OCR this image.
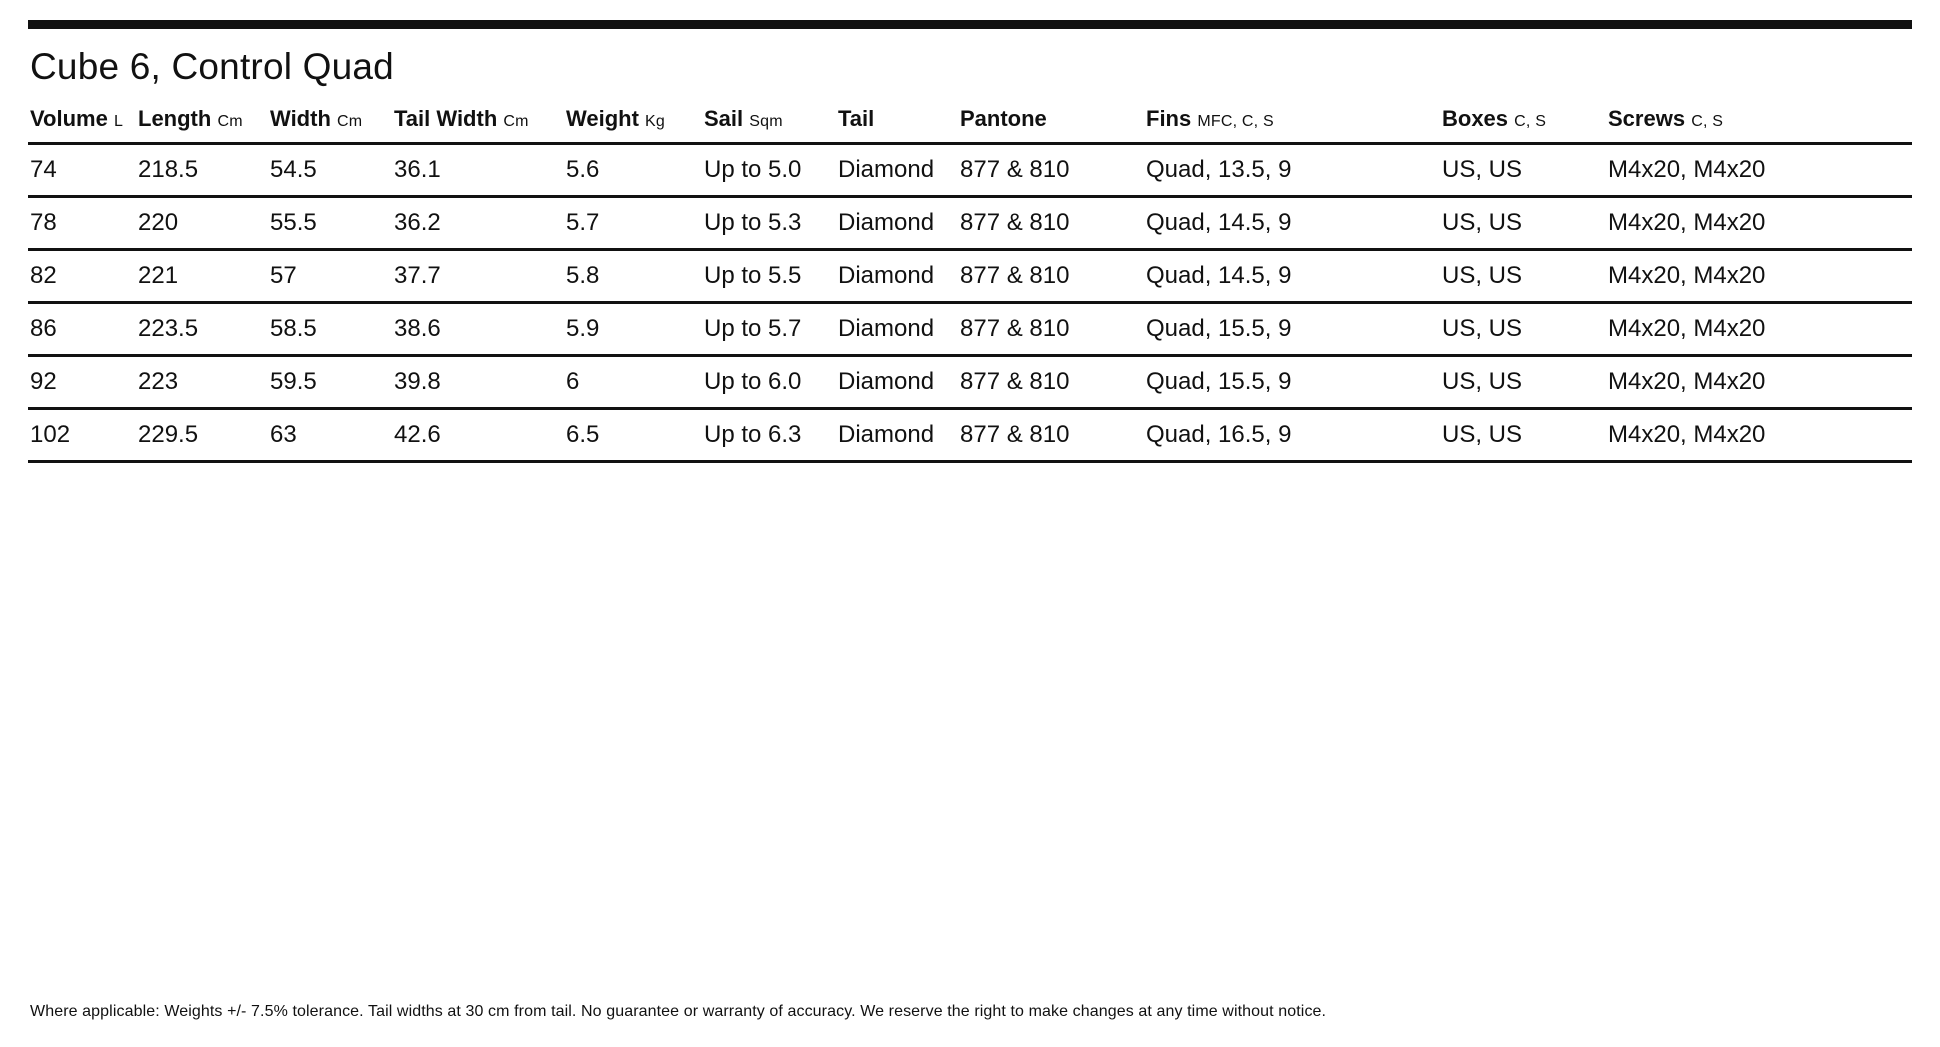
Cube 6, Control Quad
Volume L	Length Cm	Width Cm	Tail Width Cm	Weight Kg	Sail Sqm	Tail	Pantone	Fins MFC, C, S	Boxes C, S	Screws C, S
74	218.5	54.5	36.1	5.6	Up to 5.0	Diamond	877 & 810	Quad, 13.5, 9	US, US	M4x20, M4x20
78	220	55.5	36.2	5.7	Up to 5.3	Diamond	877 & 810	Quad, 14.5, 9	US, US	M4x20, M4x20
82	221	57	37.7	5.8	Up to 5.5	Diamond	877 & 810	Quad, 14.5, 9	US, US	M4x20, M4x20
86	223.5	58.5	38.6	5.9	Up to 5.7	Diamond	877 & 810	Quad, 15.5, 9	US, US	M4x20, M4x20
92	223	59.5	39.8	6	Up to 6.0	Diamond	877 & 810	Quad, 15.5, 9	US, US	M4x20, M4x20
102	229.5	63	42.6	6.5	Up to 6.3	Diamond	877 & 810	Quad, 16.5, 9	US, US	M4x20, M4x20
Where applicable: Weights +/- 7.5% tolerance. Tail widths at 30 cm from tail. No guarantee or warranty of accuracy. We reserve the right to make changes at any time without notice.
